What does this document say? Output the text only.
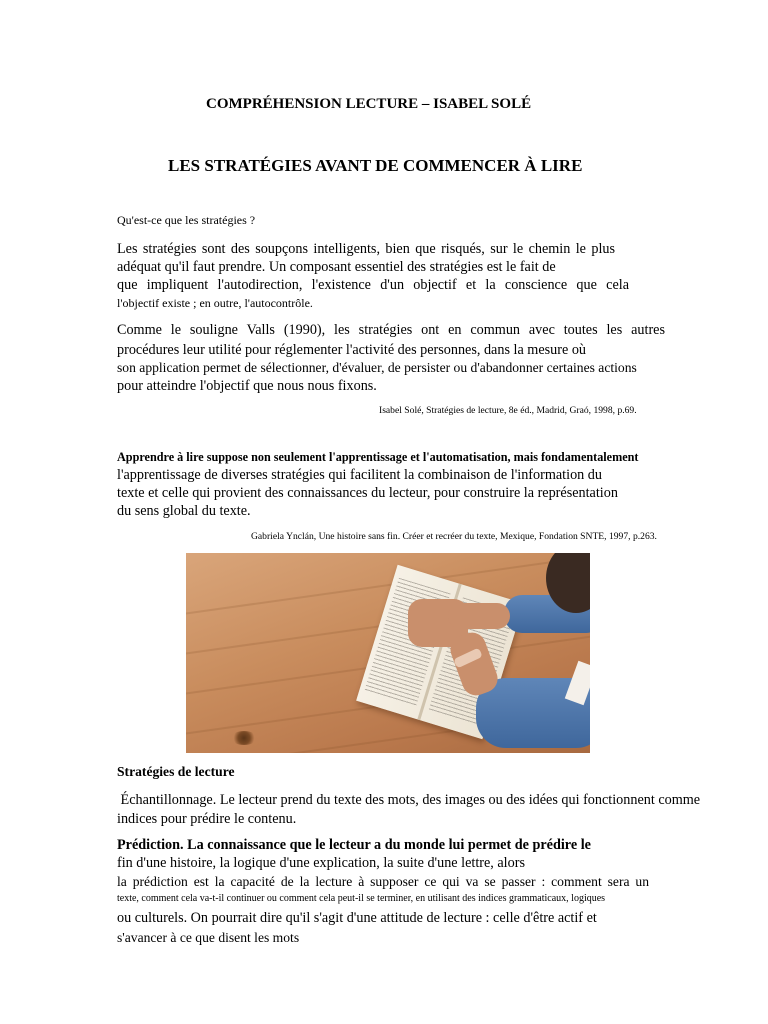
COMPRÉHENSION LECTURE – ISABEL SOLÉ
LES STRATÉGIES AVANT DE COMMENCER À LIRE
Qu'est-ce que les stratégies ?
Les stratégies sont des soupçons intelligents, bien que risqués, sur le chemin le plus
adéquat qu'il faut prendre. Un composant essentiel des stratégies est le fait de
que impliquent l'autodirection, l'existence d'un objectif et la conscience que cela
l'objectif existe ; en outre, l'autocontrôle.
Comme le souligne Valls (1990), les stratégies ont en commun avec toutes les autres
procédures leur utilité pour réglementer l'activité des personnes, dans la mesure où
son application permet de sélectionner, d'évaluer, de persister ou d'abandonner certaines actions
pour atteindre l'objectif que nous nous fixons.
Isabel Solé, Stratégies de lecture, 8e éd., Madrid, Graó, 1998, p.69.
Apprendre à lire suppose non seulement l'apprentissage et l'automatisation, mais fondamentalement
l'apprentissage de diverses stratégies qui facilitent la combinaison de l'information du
texte et celle qui provient des connaissances du lecteur, pour construire la représentation
du sens global du texte.
Gabriela Ynclán, Une histoire sans fin. Créer et recréer du texte, Mexique, Fondation SNTE, 1997, p.263.
Stratégies de lecture
Échantillonnage. Le lecteur prend du texte des mots, des images ou des idées qui fonctionnent comme
indices pour prédire le contenu.
Prédiction. La connaissance que le lecteur a du monde lui permet de prédire le
fin d'une histoire, la logique d'une explication, la suite d'une lettre, alors
la prédiction est la capacité de la lecture à supposer ce qui va se passer : comment sera un
texte, comment cela va-t-il continuer ou comment cela peut-il se terminer, en utilisant des indices grammaticaux, logiques
ou culturels. On pourrait dire qu'il s'agit d'une attitude de lecture : celle d'être actif et
s'avancer à ce que disent les mots
